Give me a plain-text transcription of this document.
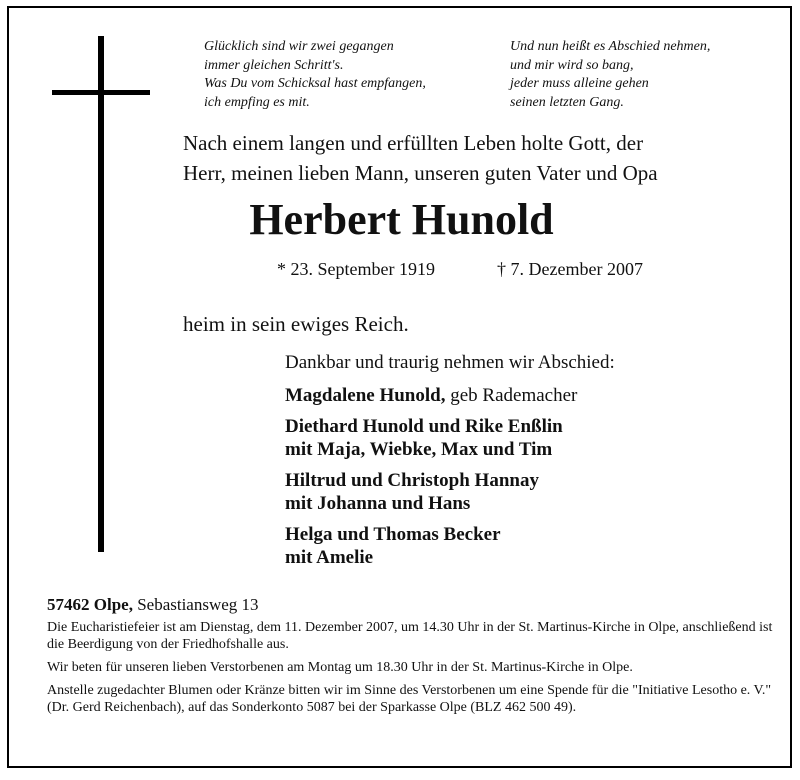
Glücklich sind wir zwei gegangen
immer gleichen Schritt's.
Was Du vom Schicksal hast empfangen,
ich empfing es mit.
Und nun heißt es Abschied nehmen,
und mir wird so bang,
jeder muss alleine gehen
seinen letzten Gang.
Nach einem langen und erfüllten Leben holte Gott, der
Herr, meinen lieben Mann, unseren guten Vater und Opa
Herbert Hunold
* 23. September 1919	† 7. Dezember 2007
heim in sein ewiges Reich.
Dankbar und traurig nehmen wir Abschied:
Magdalene Hunold, geb Rademacher
Diethard Hunold und Rike Enßlin
mit Maja, Wiebke, Max und Tim
Hiltrud und Christoph Hannay
mit Johanna und Hans
Helga und Thomas Becker
mit Amelie
57462 Olpe, Sebastiansweg 13

Die Eucharistiefeier ist am Dienstag, dem 11. Dezember 2007, um 14.30 Uhr in der St. Martinus-Kirche in Olpe, anschließend ist die Beerdigung von der Friedhofshalle aus.

Wir beten für unseren lieben Verstorbenen am Montag um 18.30 Uhr in der St. Martinus-Kirche in Olpe.

Anstelle zugedachter Blumen oder Kränze bitten wir im Sinne des Verstorbenen um eine Spende für die "Initiative Lesotho e. V." (Dr. Gerd Reichenbach), auf das Sonderkonto 5087 bei der Sparkasse Olpe (BLZ 462 500 49).
